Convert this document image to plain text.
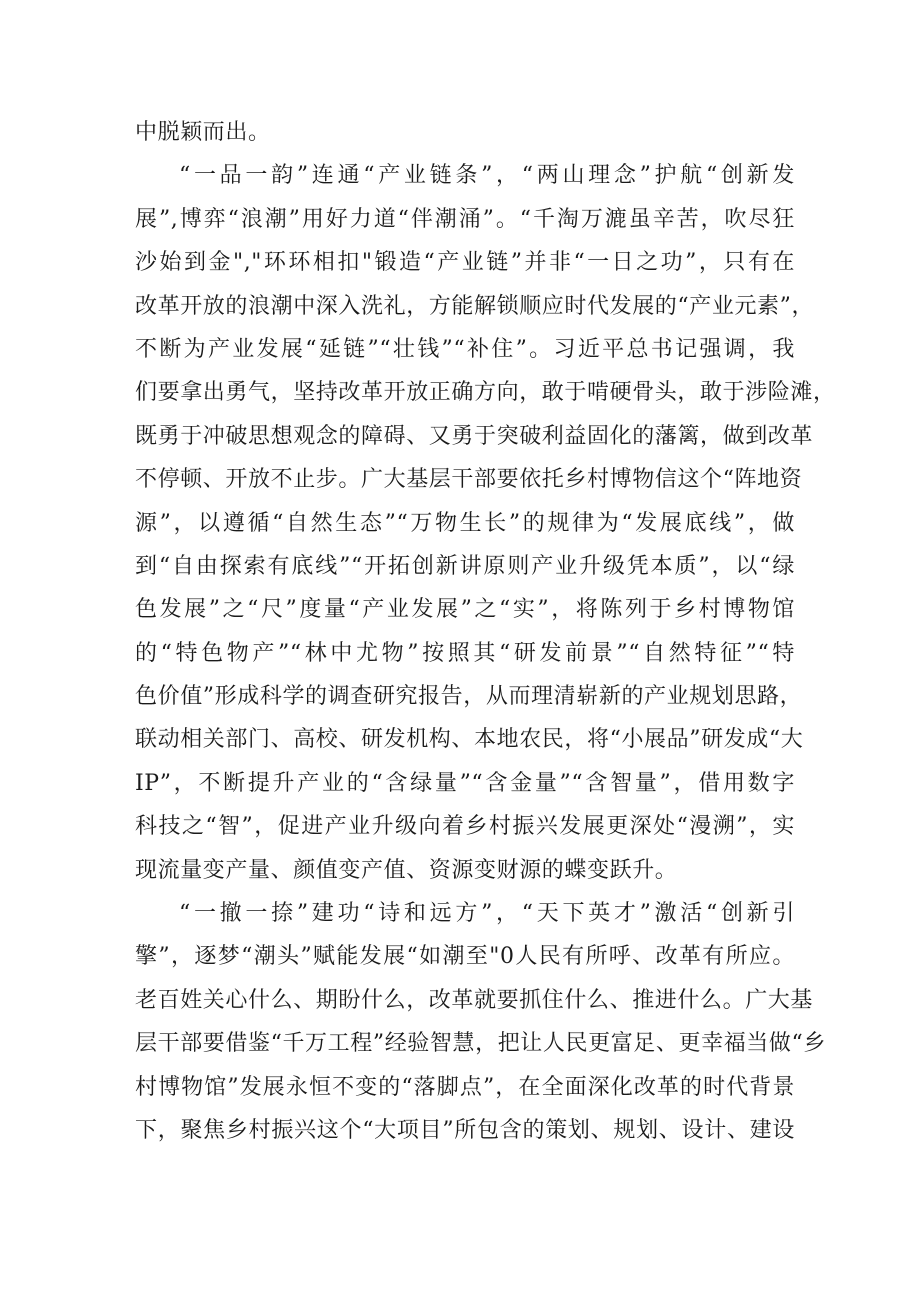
中脱颖而出。
“一品一韵”连通“产业链条”，“两山理念”护航“创新发
展”,博弈“浪潮”用好力道“伴潮涌”。“千淘万漉虽辛苦，吹尽狂
沙始到金","环环相扣"锻造“产业链”并非“一日之功”，只有在
改革开放的浪潮中深入洗礼，方能解锁顺应时代发展的“产业元素”，
不断为产业发展“延链”“壮钱”“补住”。习近平总书记强调，我
们要拿出勇气，坚持改革开放正确方向，敢于啃硬骨头，敢于涉险滩，
既勇于冲破思想观念的障碍、又勇于突破利益固化的藩篱，做到改革
不停顿、开放不止步。广大基层干部要依托乡村博物信这个“阵地资
源”，以遵循“自然生态”“万物生长”的规律为“发展底线”，做
到“自由探索有底线”“开拓创新讲原则产业升级凭本质”，以“绿
色发展”之“尺”度量“产业发展”之“实”，将陈列于乡村博物馆
的“特色物产”“林中尤物”按照其“研发前景”“自然特征”“特
色价值”形成科学的调查研究报告，从而理清崭新的产业规划思路，
联动相关部门、高校、研发机构、本地农民，将“小展品”研发成“大
IP”，不断提升产业的“含绿量”“含金量”“含智量”，借用数字
科技之“智”，促进产业升级向着乡村振兴发展更深处“漫溯”，实
现流量变产量、颜值变产值、资源变财源的蝶变跃升。
“一撤一捺”建功“诗和远方”，“天下英才”激活“创新引
擎”，逐梦“潮头”赋能发展“如潮至"0人民有所呼、改革有所应。
老百姓关心什么、期盼什么，改革就要抓住什么、推进什么。广大基
层干部要借鉴“千万工程”经验智慧，把让人民更富足、更幸福当做“乡
村博物馆”发展永恒不变的“落脚点”，在全面深化改革的时代背景
下，聚焦乡村振兴这个“大项目”所包含的策划、规划、设计、建设
